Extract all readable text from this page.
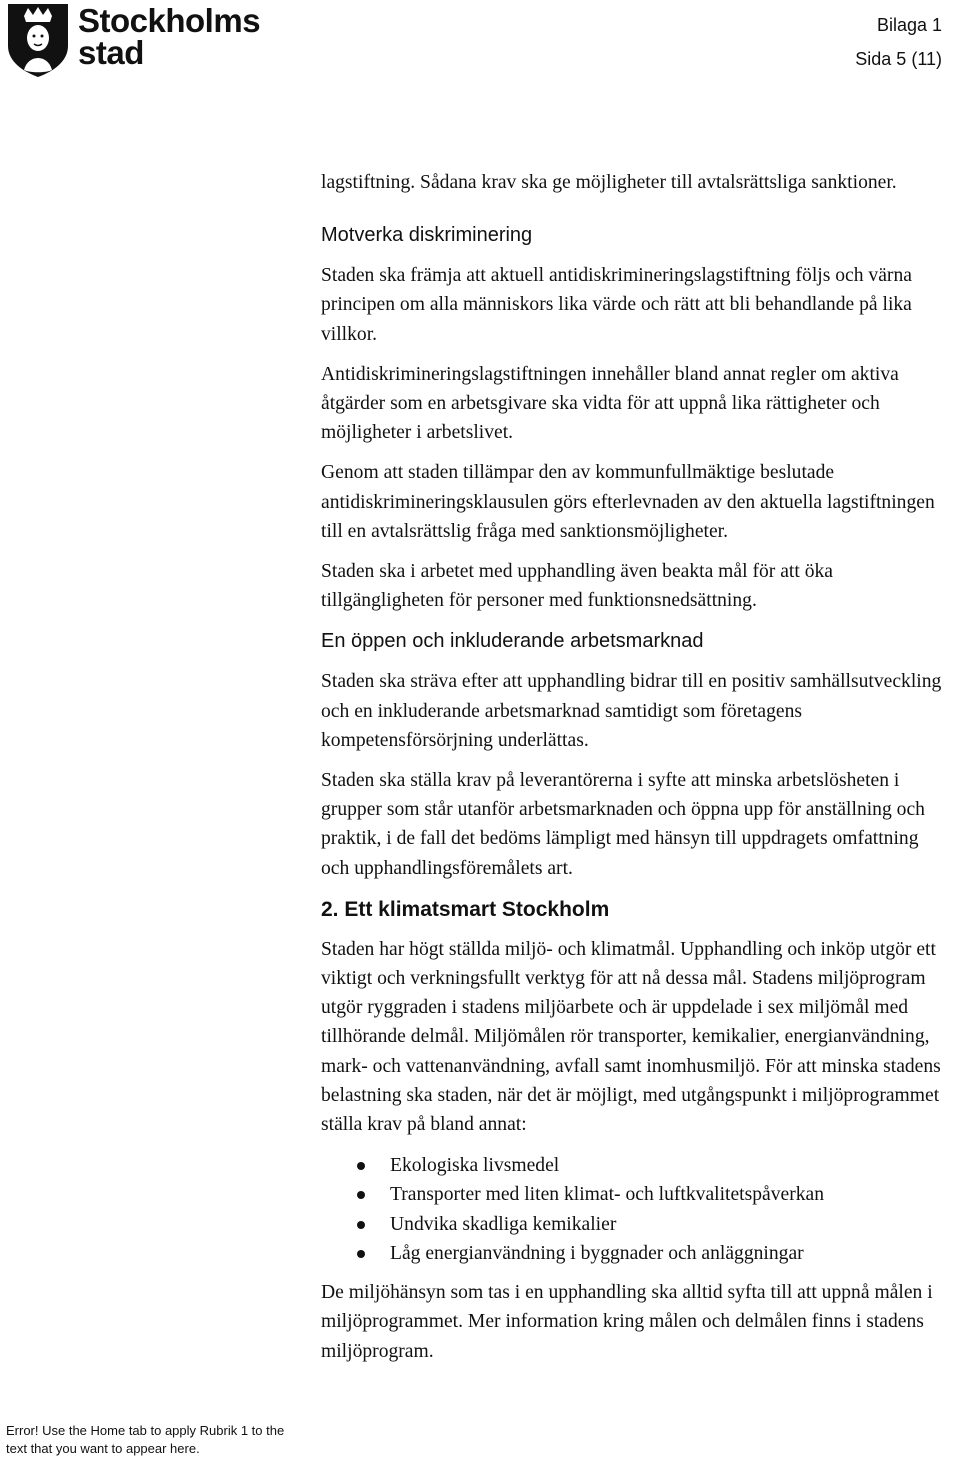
Stockholms
stad
Bilaga 1
Sida 5 (11)

lagstiftning. Sådana krav ska ge möjligheter till avtalsrättsliga sanktioner.

Motverka diskriminering

Staden ska främja att aktuell antidiskrimineringslagstiftning följs och värna principen om alla människors lika värde och rätt att bli behandlande på lika villkor.

Antidiskrimineringslagstiftningen innehåller bland annat regler om aktiva åtgärder som en arbetsgivare ska vidta för att uppnå lika rättigheter och möjligheter i arbetslivet.

Genom att staden tillämpar den av kommunfullmäktige beslutade antidiskrimineringsklausulen görs efterlevnaden av den aktuella lagstiftningen till en avtalsrättslig fråga med sanktionsmöjligheter.

Staden ska i arbetet med upphandling även beakta mål för att öka tillgängligheten för personer med funktionsnedsättning.

En öppen och inkluderande arbetsmarknad

Staden ska sträva efter att upphandling bidrar till en positiv samhällsutveckling och en inkluderande arbetsmarknad samtidigt som företagens kompetensförsörjning underlättas.

Staden ska ställa krav på leverantörerna i syfte att minska arbetslösheten i grupper som står utanför arbetsmarknaden och öppna upp för anställning och praktik, i de fall det bedöms lämpligt med hänsyn till uppdragets omfattning och upphandlingsföremålets art.

2. Ett klimatsmart Stockholm

Staden har högt ställda miljö- och klimatmål. Upphandling och inköp utgör ett viktigt och verkningsfullt verktyg för att nå dessa mål. Stadens miljöprogram utgör ryggraden i stadens miljöarbete och är uppdelade i sex miljömål med tillhörande delmål. Miljömålen rör transporter, kemikalier, energianvändning, mark- och vattenanvändning, avfall samt inomhusmiljö. För att minska stadens belastning ska staden, när det är möjligt, med utgångspunkt i miljöprogrammet ställa krav på bland annat:

Ekologiska livsmedel
Transporter med liten klimat- och luftkvalitetspåverkan
Undvika skadliga kemikalier
Låg energianvändning i byggnader och anläggningar

De miljöhänsyn som tas i en upphandling ska alltid syfta till att uppnå målen i miljöprogrammet. Mer information kring målen och delmålen finns i stadens miljöprogram.

Error! Use the Home tab to apply Rubrik 1 to the text that you want to appear here.
